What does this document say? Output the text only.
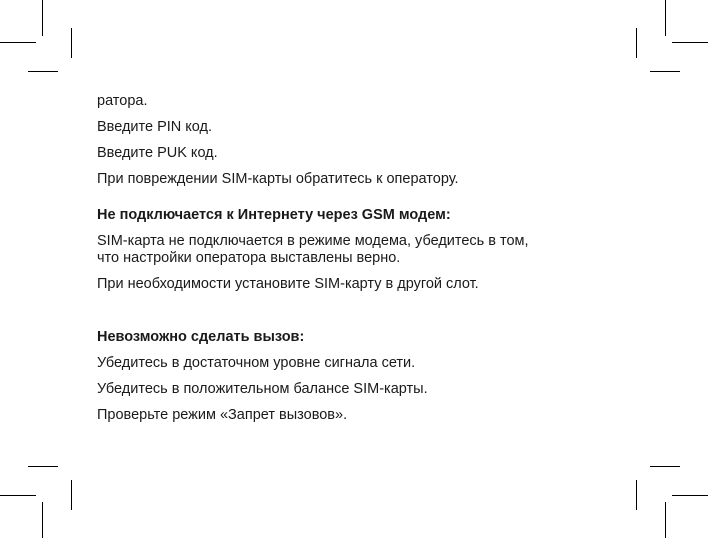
ратора.

Введите PIN код.

Введите PUK код.

При повреждении SIM-карты обратитесь к оператору.

Не подключается к Интернету через GSM модем:

SIM-карта не подключается в режиме модема, убедитесь в том,

что настройки оператора выставлены верно.

При необходимости установите SIM-карту в другой слот.

Невозможно сделать вызов:

Убедитесь в достаточном уровне сигнала сети.

Убедитесь в положительном балансе SIM-карты.

Проверьте режим «Запрет вызовов».
